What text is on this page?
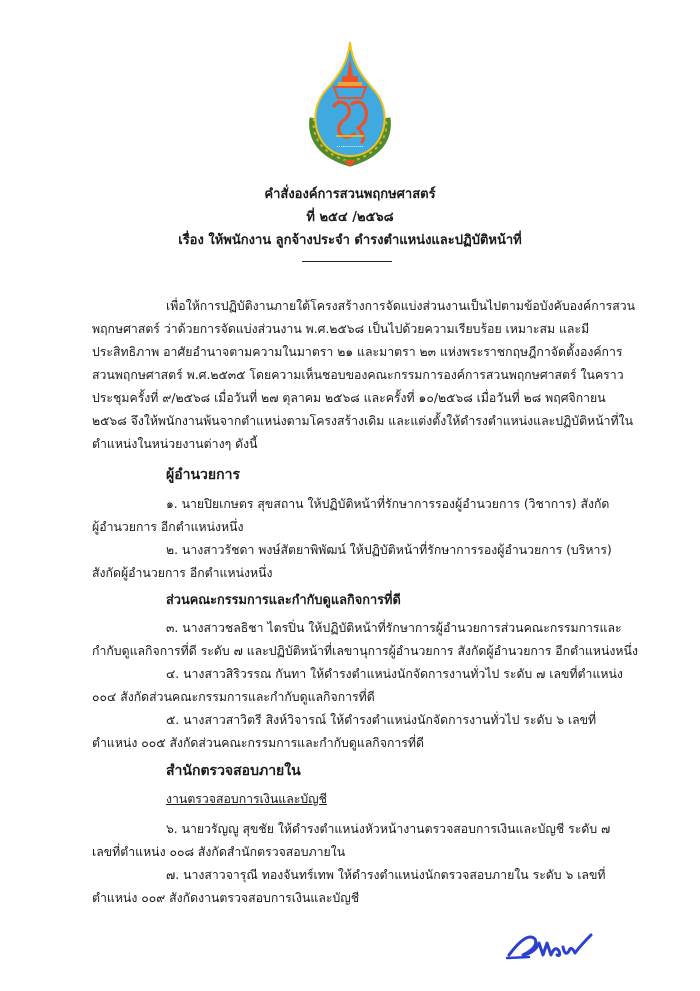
•••••••••••••
คำสั่งองค์การสวนพฤกษศาสตร์
ที่ ๒๕๔ /๒๕๖๘
เรื่อง ให้พนักงาน ลูกจ้างประจำ ดำรงตำแหน่งและปฏิบัติหน้าที่
เพื่อให้การปฏิบัติงานภายใต้โครงสร้างการจัดแบ่งส่วนงานเป็นไปตามข้อบังคับองค์การสวน
พฤกษศาสตร์ ว่าด้วยการจัดแบ่งส่วนงาน พ.ศ.๒๕๖๘ เป็นไปด้วยความเรียบร้อย เหมาะสม และมี
ประสิทธิภาพ อาศัยอำนาจตามความในมาตรา ๒๑ และมาตรา ๒๓ แห่งพระราชกฤษฎีกาจัดตั้งองค์การ
สวนพฤกษศาสตร์ พ.ศ.๒๕๓๕ โดยความเห็นชอบของคณะกรรมการองค์การสวนพฤกษศาสตร์ ในคราว
ประชุมครั้งที่ ๙/๒๕๖๘ เมื่อวันที่ ๒๗ ตุลาคม ๒๕๖๘ และครั้งที่ ๑๐/๒๕๖๘ เมื่อวันที่ ๒๘ พฤศจิกายน
๒๕๖๘ จึงให้พนักงานพ้นจากตำแหน่งตามโครงสร้างเดิม และแต่งตั้งให้ดำรงตำแหน่งและปฏิบัติหน้าที่ใน
ตำแหน่งในหน่วยงานต่างๆ ดังนี้
ผู้อำนวยการ
๑. นายปิยเกษตร สุขสถาน ให้ปฏิบัติหน้าที่รักษาการรองผู้อำนวยการ (วิชาการ) สังกัด
ผู้อำนวยการ อีกตำแหน่งหนึ่ง
๒. นางสาวรัชดา พงษ์สัตยาพิพัฒน์ ให้ปฏิบัติหน้าที่รักษาการรองผู้อำนวยการ (บริหาร)
สังกัดผู้อำนวยการ อีกตำแหน่งหนึ่ง
ส่วนคณะกรรมการและกำกับดูแลกิจการที่ดี
๓. นางสาวชลธิชา ไตรปิ่น ให้ปฏิบัติหน้าที่รักษาการผู้อำนวยการส่วนคณะกรรมการและ
กำกับดูแลกิจการที่ดี ระดับ ๗ และปฏิบัติหน้าที่เลขานุการผู้อำนวยการ สังกัดผู้อำนวยการ อีกตำแหน่งหนึ่ง
๔. นางสาวสิริวรรณ กันทา ให้ดำรงตำแหน่งนักจัดการงานทั่วไป ระดับ ๗ เลขที่ตำแหน่ง
๐๐๔ สังกัดส่วนคณะกรรมการและกำกับดูแลกิจการที่ดี
๕. นางสาวสาวิตรี สิงห์วิจารณ์ ให้ดำรงตำแหน่งนักจัดการงานทั่วไป ระดับ ๖ เลขที่
ตำแหน่ง ๐๐๕ สังกัดส่วนคณะกรรมการและกำกับดูแลกิจการที่ดี
สำนักตรวจสอบภายใน
งานตรวจสอบการเงินและบัญชี
๖. นายวรัญญู สุขชัย ให้ดำรงตำแหน่งหัวหน้างานตรวจสอบการเงินและบัญชี ระดับ ๗
เลขที่ตำแหน่ง ๐๐๘ สังกัดสำนักตรวจสอบภายใน
๗. นางสาวจารุณี ทองจันทร์เทพ ให้ดำรงตำแหน่งนักตรวจสอบภายใน ระดับ ๖ เลขที่
ตำแหน่ง ๐๐๙ สังกัดงานตรวจสอบการเงินและบัญชี
